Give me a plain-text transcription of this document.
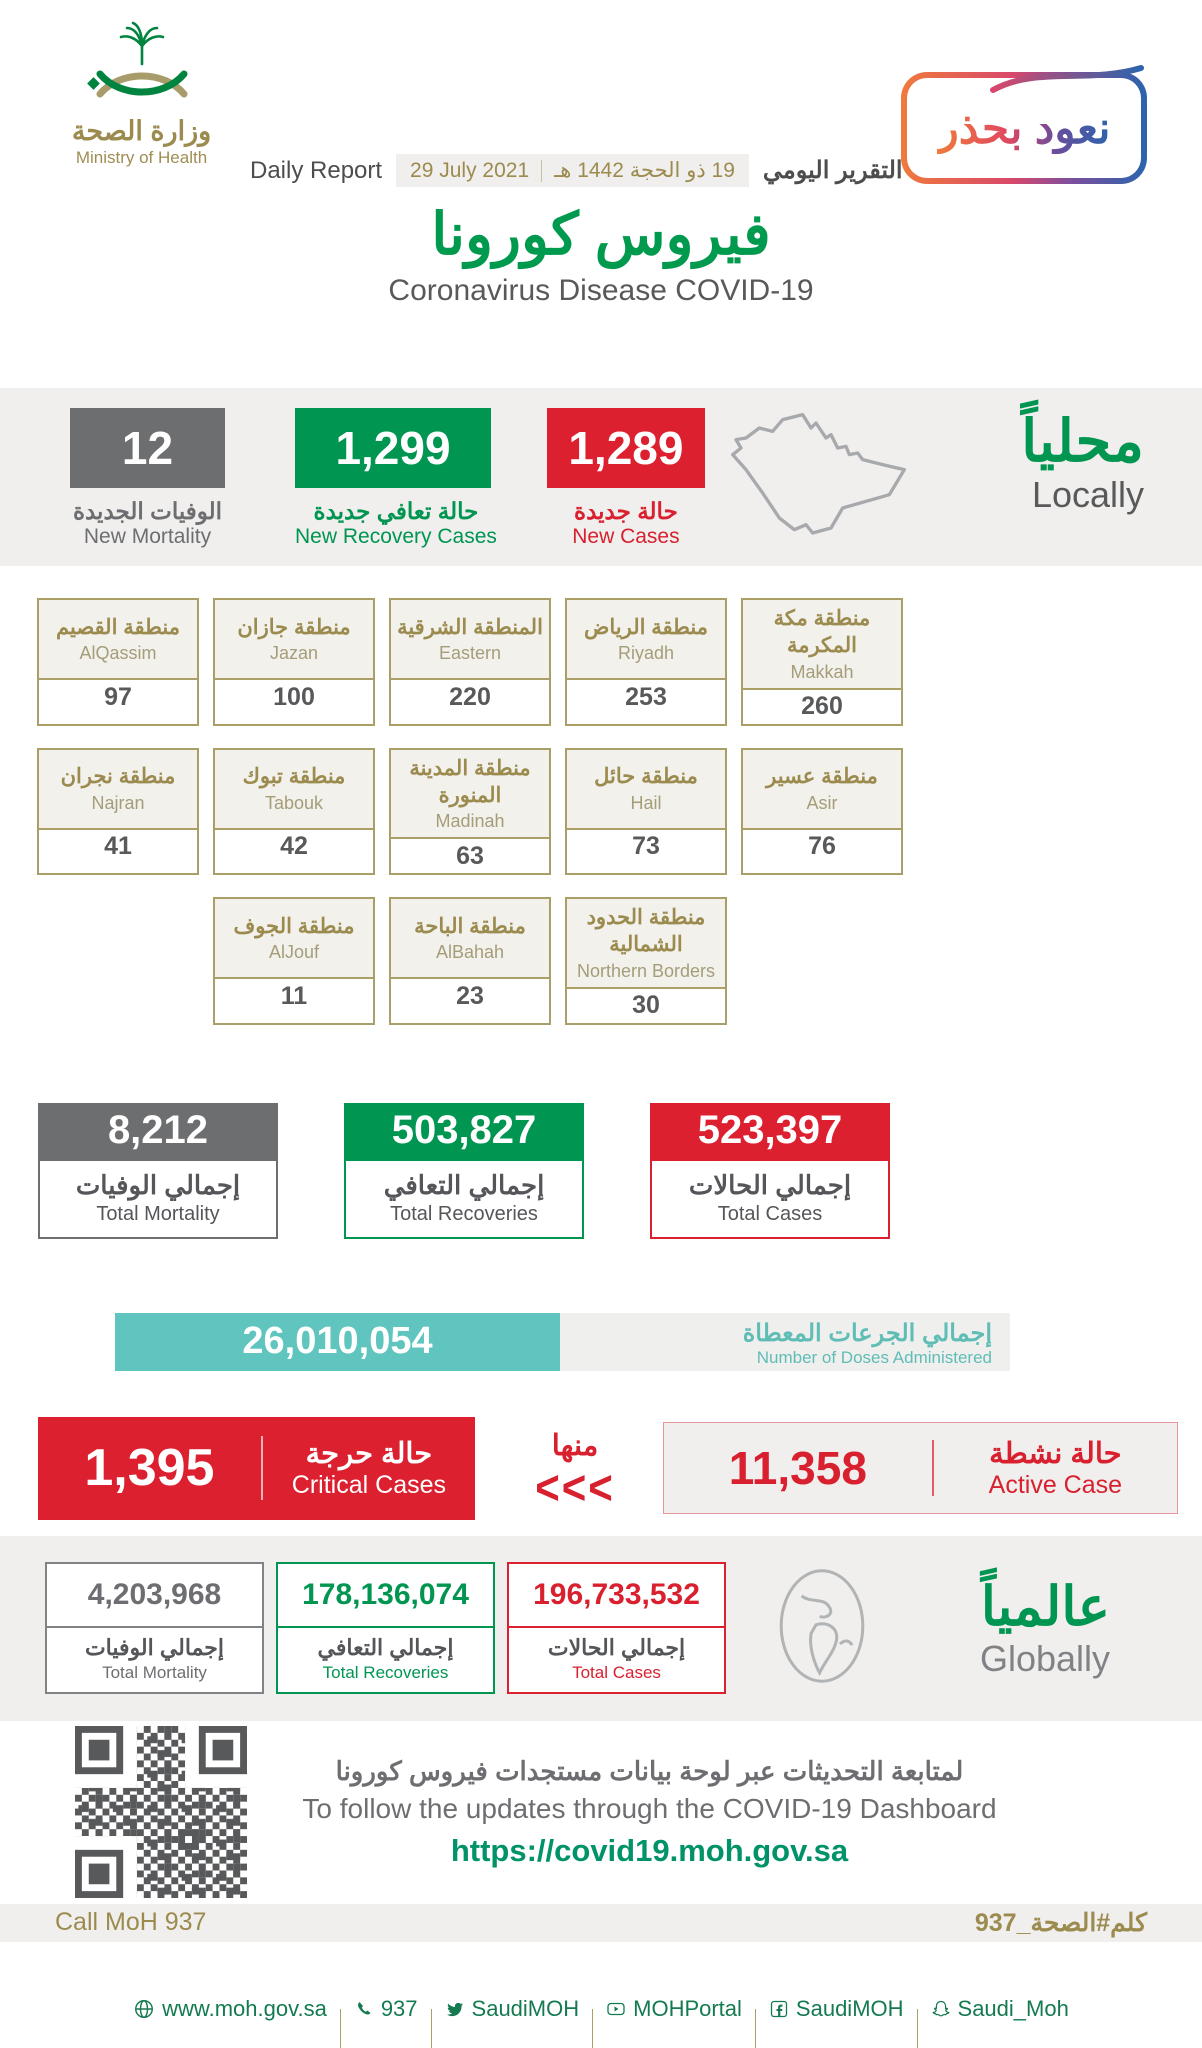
وزارة الصحة
Ministry of Health
نعود بحذر
Daily Report 29 July 2021 19 ذو الحجة 1442 هـ التقرير اليومي
فيروس كورونا
Coronavirus Disease COVID-19
12
الوفيات الجديدة
New Mortality
1,299
حالة تعافي جديدة
New Recovery Cases
1,289
حالة جديدة
New Cases
محلياً
Locally
منطقة القصيم
AlQassim
97
منطقة جازان
Jazan
100
المنطقة الشرقية
Eastern
220
منطقة الرياض
Riyadh
253
منطقة مكة المكرمة
Makkah
260
منطقة نجران
Najran
41
منطقة تبوك
Tabouk
42
منطقة المدينة المنورة
Madinah
63
منطقة حائل
Hail
73
منطقة عسير
Asir
76
منطقة الجوف
AlJouf
11
منطقة الباحة
AlBahah
23
منطقة الحدود الشمالية
Northern Borders
30
8,212
إجمالي الوفيات
Total Mortality
503,827
إجمالي التعافي
Total Recoveries
523,397
إجمالي الحالات
Total Cases
26,010,054	إجمالي الجرعات المعطاة
Number of Doses Administered
1,395	حالة حرجة
Critical Cases
منها
<<<	11,358	حالة نشطة
Active Case
4,203,968
إجمالي الوفيات
Total Mortality
178,136,074
إجمالي التعافي
Total Recoveries
196,733,532
إجمالي الحالات
Total Cases
عالمياً
Globally
لمتابعة التحديثات عبر لوحة بيانات مستجدات فيروس كورونا
To follow the updates through the COVID-19 Dashboard
https://covid19.moh.gov.sa
Call MoH 937	كلم#الصحة_937
www.moh.gov.sa 937 SaudiMOH MOHPortal SaudiMOH Saudi_Moh
